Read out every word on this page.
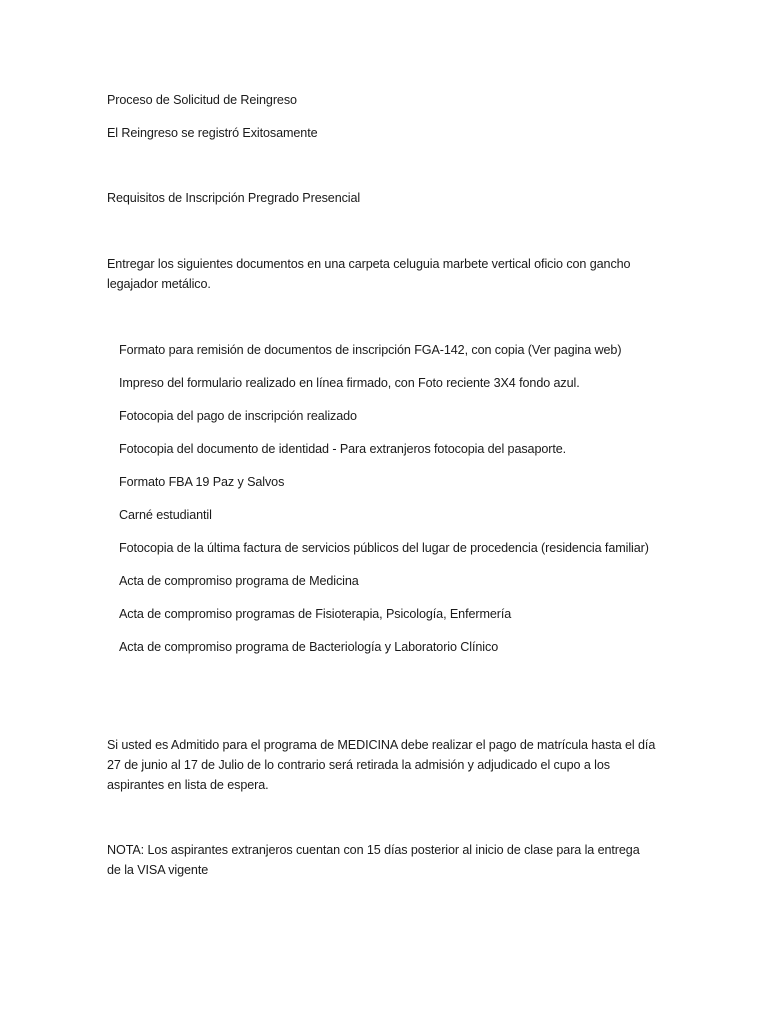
Proceso de Solicitud de Reingreso
El Reingreso se registró Exitosamente
Requisitos de Inscripción Pregrado Presencial
Entregar los siguientes documentos en una carpeta celuguia marbete vertical oficio con gancho
legajador metálico.
Formato para remisión de documentos de inscripción FGA-142, con copia (Ver pagina web)
Impreso del formulario realizado en línea firmado, con Foto reciente 3X4 fondo azul.
Fotocopia del pago de inscripción realizado
Fotocopia del documento de identidad - Para extranjeros fotocopia del pasaporte.
Formato FBA 19 Paz y Salvos
Carné estudiantil
Fotocopia de la última factura de servicios públicos del lugar de procedencia (residencia familiar)
Acta de compromiso programa de Medicina
Acta de compromiso programas de Fisioterapia, Psicología, Enfermería
Acta de compromiso programa de Bacteriología y Laboratorio Clínico
Si usted es Admitido para el programa de MEDICINA debe realizar el pago de matrícula hasta el día
27 de junio al 17 de Julio de lo contrario será retirada la admisión y adjudicado el cupo a los
aspirantes en lista de espera.
NOTA: Los aspirantes extranjeros cuentan con 15 días posterior al inicio de clase para la entrega
de la VISA vigente
